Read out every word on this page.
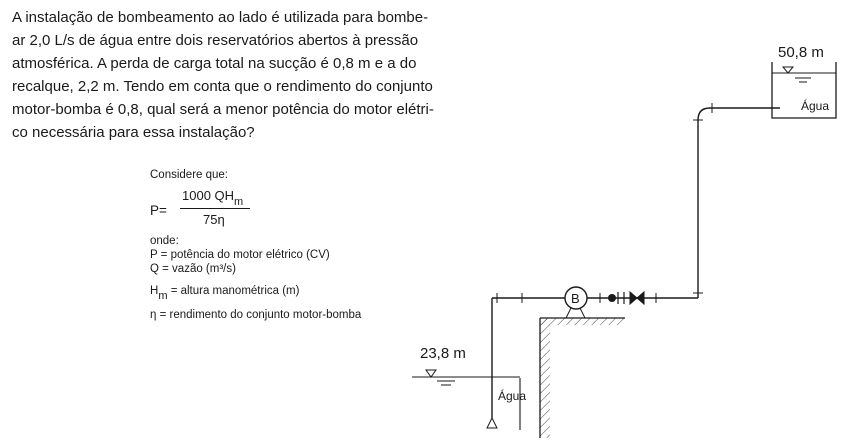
A instalação de bombeamento ao lado é utilizada para bombe-
ar 2,0 L/s de água entre dois reservatórios abertos à pressão
atmosférica. A perda de carga total na sucção é 0,8 m e a do
recalque, 2,2 m. Tendo em conta que o rendimento do conjunto
motor-bomba é 0,8, qual será a menor potência do motor elétri-
co necessária para essa instalação?
Considere que:
P=
1000 $QH_m$
75η
onde:
P = potência do motor elétrico (CV)
Q = vazão (m³/s)
Hm = altura manométrica (m)
η = rendimento do conjunto motor-bomba
23,8 m
Água
B
50,8 m
Água
